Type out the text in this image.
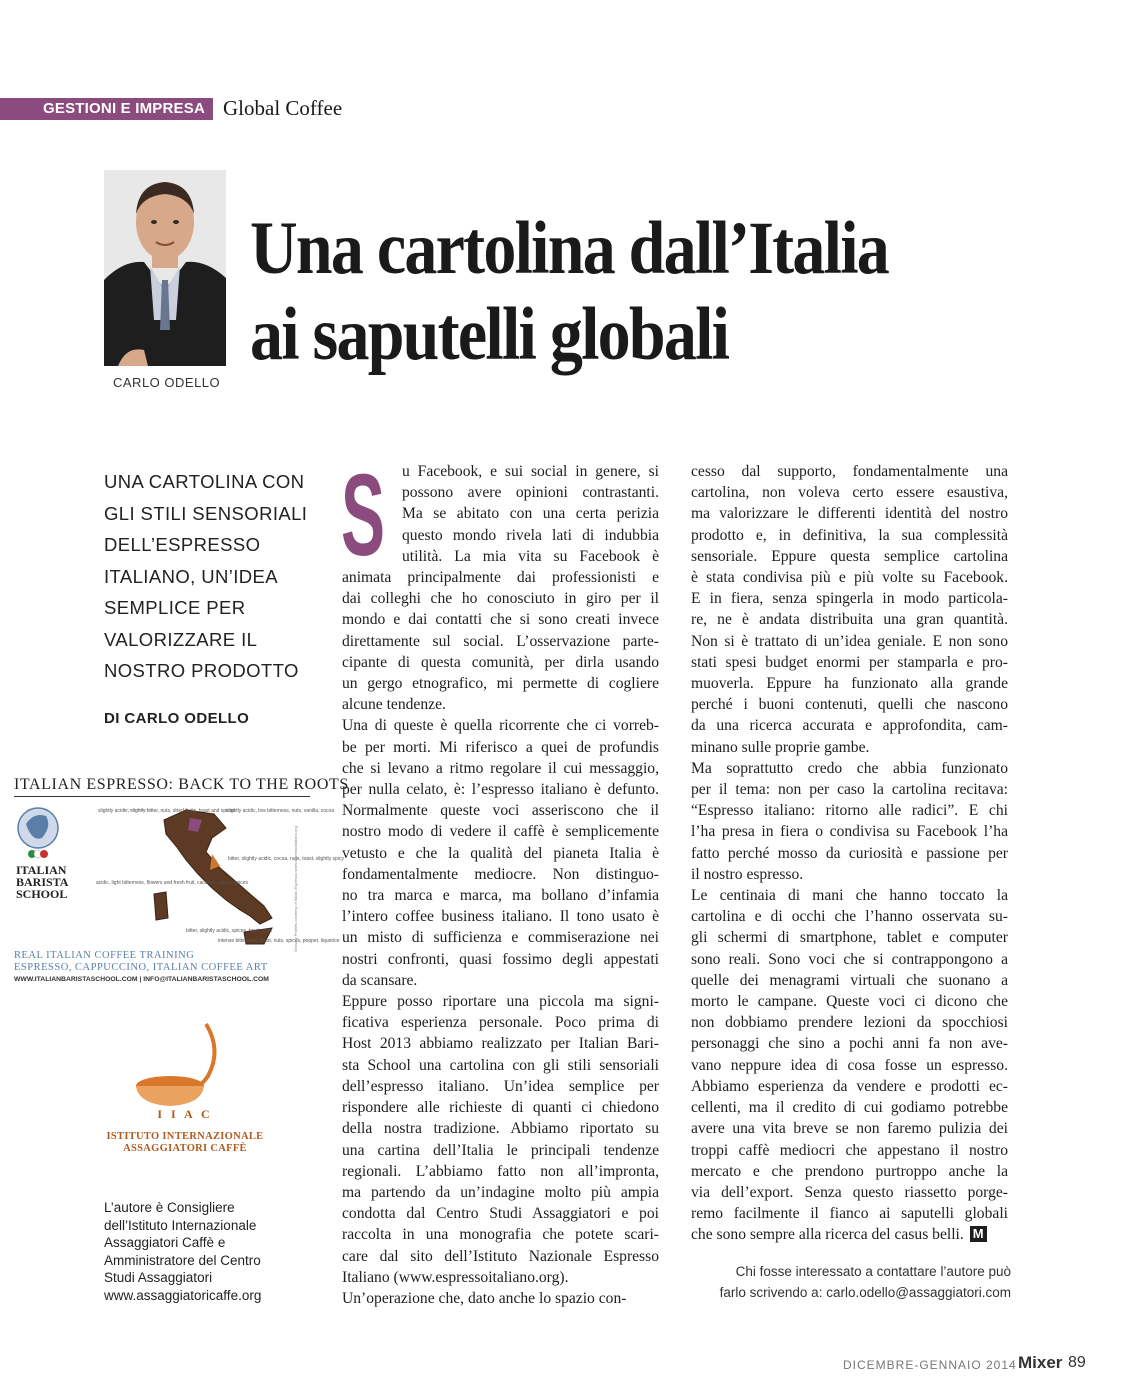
GESTIONI E IMPRESA Global Coffee
CARLO ODELLO
Una cartolina dall’Italia
ai saputelli globali
UNA CARTOLINA CON
GLI STILI SENSORIALI
DELL’ESPRESSO
ITALIANO, UN’IDEA
SEMPLICE PER
VALORIZZARE IL
NOSTRO PRODOTTO
DI CARLO ODELLO
ITALIAN ESPRESSO: BACK TO THE ROOTS
ITALIAN
BARISTA
SCHOOL
slightly acidic, slightly bitter, nuts, dried fruits, toast and spices
slightly acidic, low bitterness, nuts, vanilla, cocoa
bitter, slightly acidic, cocoa, nuts, toast, slightly spicy
acidic, light bitterness, flowers and fresh fruit, caramel, cocoa, spices
bitter, slightly acidic, spices, toast, nuts
intense bitterness, toast, nuts, spices, pepper, liquorice
Sensory Profiles courtesy of Italian Espresso www.espressoitaliano.org
REAL ITALIAN COFFEE TRAINING
ESPRESSO, CAPPUCCINO, ITALIAN COFFEE ART
WWW.ITALIANBARISTASCHOOL.COM | INFO@ITALIANBARISTASCHOOL.COM
I I A C
ISTITUTO INTERNAZIONALE
ASSAGGIATORI CAFFÈ
L’autore è Consigliere
dell’Istituto Internazionale
Assaggiatori Caffè e
Amministratore del Centro
Studi Assaggiatori
www.assaggiatoricaffe.org
S	u Facebook, e sui social in genere, si
possono avere opinioni contrastanti.
Ma se abitato con una certa perizia
questo mondo rivela lati di indubbia
utilità. La mia vita su Facebook è
animata principalmente dai professionisti e
dai colleghi che ho conosciuto in giro per il
mondo e dai contatti che si sono creati invece
direttamente sul social. L’osservazione parte-
cipante di questa comunità, per dirla usando
un gergo etnografico, mi permette di cogliere
alcune tendenze.
Una di queste è quella ricorrente che ci vorreb-
be per morti. Mi riferisco a quei de profundis
che si levano a ritmo regolare il cui messaggio,
per nulla celato, è: l’espresso italiano è defunto.
Normalmente queste voci asseriscono che il
nostro modo di vedere il caffè è semplicemente
vetusto e che la qualità del pianeta Italia è
fondamentalmente mediocre. Non distinguo-
no tra marca e marca, ma bollano d’infamia
l’intero coffee business italiano. Il tono usato è
un misto di sufficienza e commiserazione nei
nostri confronti, quasi fossimo degli appestati
da scansare.
Eppure posso riportare una piccola ma signi-
ficativa esperienza personale. Poco prima di
Host 2013 abbiamo realizzato per Italian Bari-
sta School una cartolina con gli stili sensoriali
dell’espresso italiano. Un’idea semplice per
rispondere alle richieste di quanti ci chiedono
della nostra tradizione. Abbiamo riportato su
una cartina dell’Italia le principali tendenze
regionali. L’abbiamo fatto non all’impronta,
ma partendo da un’indagine molto più ampia
condotta dal Centro Studi Assaggiatori e poi
raccolta in una monografia che potete scari-
care dal sito dell’Istituto Nazionale Espresso
Italiano (www.espressoitaliano.org).
Un’operazione che, dato anche lo spazio con-
cesso dal supporto, fondamentalmente una
cartolina, non voleva certo essere esaustiva,
ma valorizzare le differenti identità del nostro
prodotto e, in definitiva, la sua complessità
sensoriale. Eppure questa semplice cartolina
è stata condivisa più e più volte su Facebook.
E in fiera, senza spingerla in modo particola-
re, ne è andata distribuita una gran quantità.
Non si è trattato di un’idea geniale. E non sono
stati spesi budget enormi per stamparla e pro-
muoverla. Eppure ha funzionato alla grande
perché i buoni contenuti, quelli che nascono
da una ricerca accurata e approfondita, cam-
minano sulle proprie gambe.
Ma soprattutto credo che abbia funzionato
per il tema: non per caso la cartolina recitava:
“Espresso italiano: ritorno alle radici”. E chi
l’ha presa in fiera o condivisa su Facebook l’ha
fatto perché mosso da curiosità e passione per
il nostro espresso.
Le centinaia di mani che hanno toccato la
cartolina e di occhi che l’hanno osservata su-
gli schermi di smartphone, tablet e computer
sono reali. Sono voci che si contrappongono a
quelle dei menagrami virtuali che suonano a
morto le campane. Queste voci ci dicono che
non dobbiamo prendere lezioni da spocchiosi
personaggi che sino a pochi anni fa non ave-
vano neppure idea di cosa fosse un espresso.
Abbiamo esperienza da vendere e prodotti ec-
cellenti, ma il credito di cui godiamo potrebbe
avere una vita breve se non faremo pulizia dei
troppi caffè mediocri che appestano il nostro
mercato e che prendono purtroppo anche la
via dell’export. Senza questo riassetto porge-
remo facilmente il fianco ai saputelli globali
che sono sempre alla ricerca del casus belli. M
Chi fosse interessato a contattare l’autore può
farlo scrivendo a: carlo.odello@assaggiatori.com
DICEMBRE-GENNAIO 2014 Mixer 89
